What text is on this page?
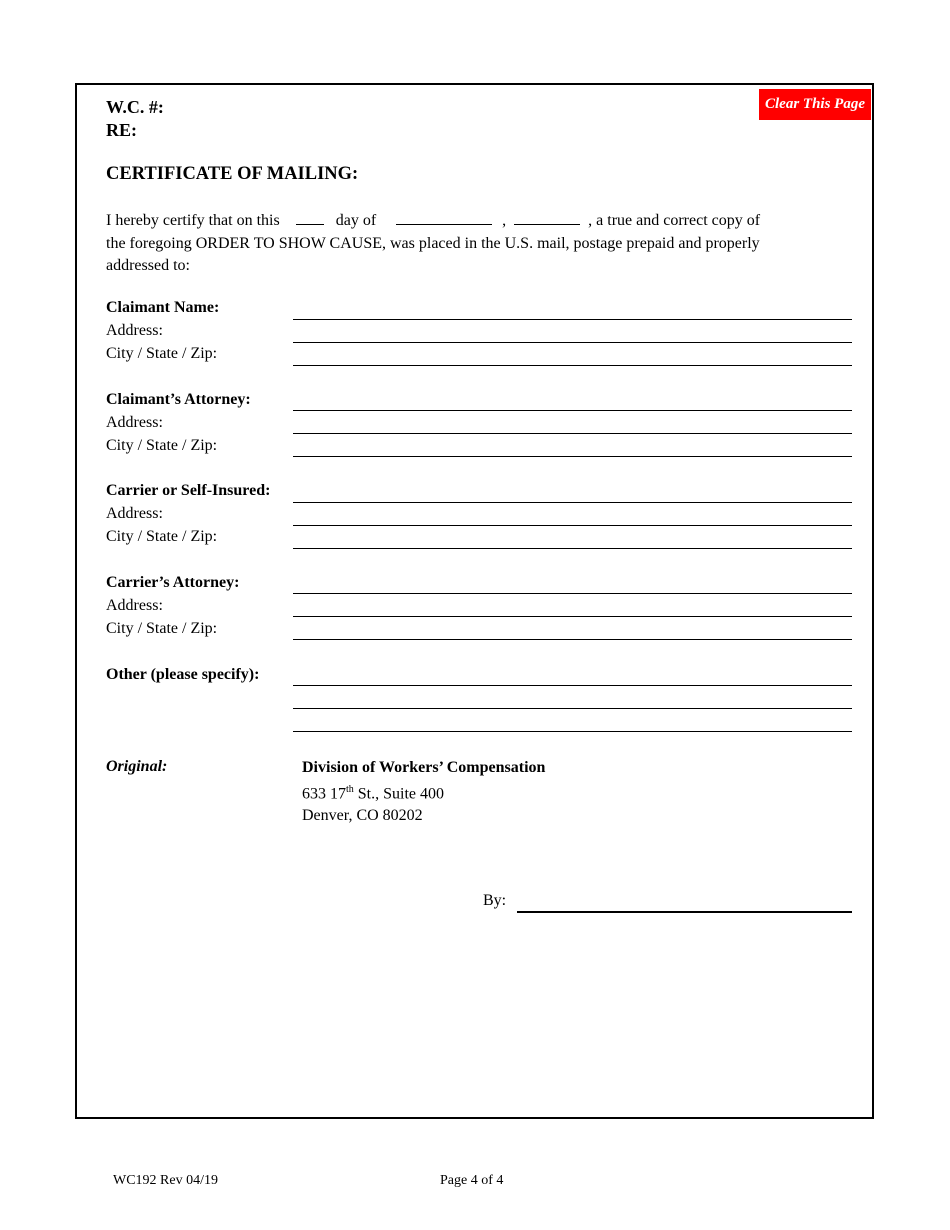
W.C. #:
RE:
Clear This Page
CERTIFICATE OF MAILING:
I hereby certify that on this	day of	,	, a true and correct copy of
the foregoing ORDER TO SHOW CAUSE, was placed in the U.S. mail, postage prepaid and properly
addressed to:
Claimant Name:
Address:
City / State / Zip:
Claimant’s Attorney:
Address:
City / State / Zip:
Carrier or Self-Insured:
Address:
City / State / Zip:
Carrier’s Attorney:
Address:
City / State / Zip:
Other (please specify):
Original:	Division of Workers’ Compensation
633 17th St., Suite 400
Denver, CO 80202
By:
WC192 Rev 04/19	Page 4 of 4
